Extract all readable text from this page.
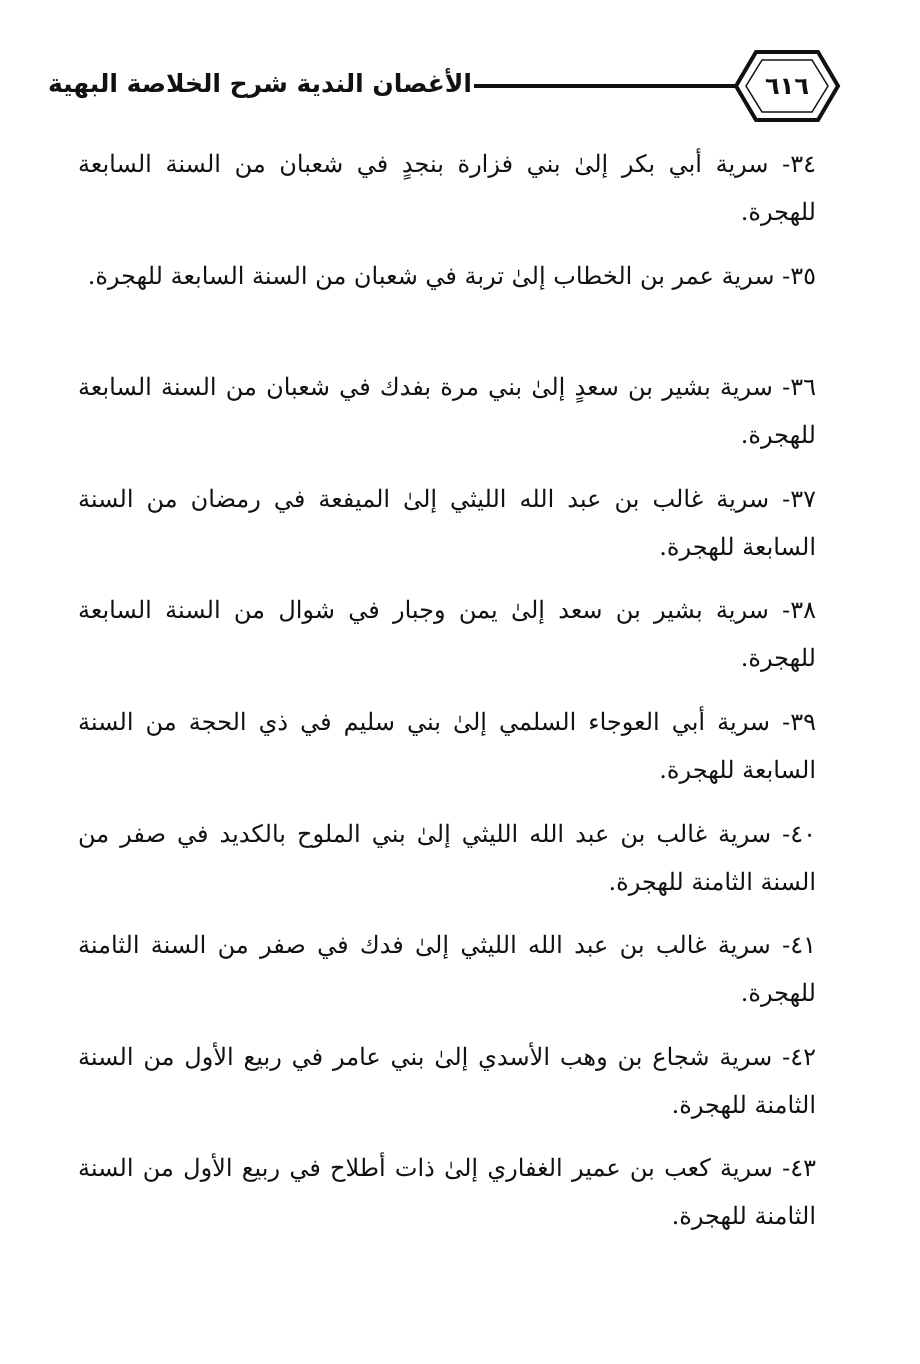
٦١٦
الأغصان الندية شرح الخلاصة البهية
٣٤- سرية أبي بكر إلىٰ بني فزارة بنجدٍ في شعبان من السنة السابعة للهجرة.
٣٥- سرية عمر بن الخطاب إلىٰ تربة في شعبان من السنة السابعة للهجرة.
٣٦- سرية بشير بن سعدٍ إلىٰ بني مرة بفدك في شعبان من السنة السابعة للهجرة.
٣٧- سرية غالب بن عبد الله الليثي إلىٰ الميفعة في رمضان من السنة السابعة للهجرة.
٣٨- سرية بشير بن سعد إلىٰ يمن وجبار في شوال من السنة السابعة للهجرة.
٣٩- سرية أبي العوجاء السلمي إلىٰ بني سليم في ذي الحجة من السنة السابعة للهجرة.
٤٠- سرية غالب بن عبد الله الليثي إلىٰ بني الملوح بالكديد في صفر من السنة الثامنة للهجرة.
٤١- سرية غالب بن عبد الله الليثي إلىٰ فدك في صفر من السنة الثامنة للهجرة.
٤٢- سرية شجاع بن وهب الأسدي إلىٰ بني عامر في ربيع الأول من السنة الثامنة للهجرة.
٤٣- سرية كعب بن عمير الغفاري إلىٰ ذات أطلاح في ربيع الأول من السنة الثامنة للهجرة.
